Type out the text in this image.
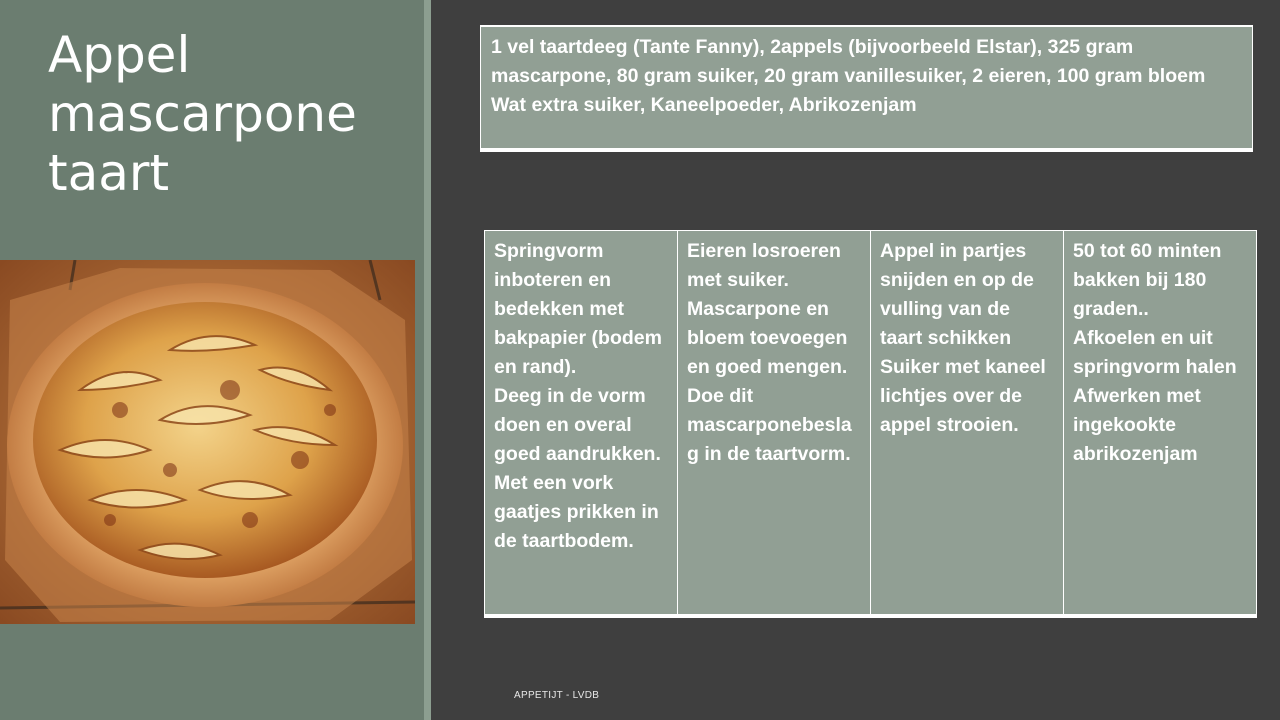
Appel
mascarpone
taart
1 vel taartdeeg (Tante Fanny), 2appels (bijvoorbeeld Elstar), 325 gram mascarpone, 80 gram suiker, 20 gram vanillesuiker, 2 eieren, 100 gram bloem
Wat extra suiker, Kaneelpoeder, Abrikozenjam
Springvorm inboteren en bedekken met bakpapier (bodem en rand).
Deeg in de vorm doen en overal goed aandrukken.
Met een vork gaatjes prikken in de taartbodem.

Eieren losroeren met suiker.
Mascarpone en bloem toevoegen en goed mengen.
Doe dit mascarponebeslag in de taartvorm.

Appel in partjes snijden en op de vulling van de taart schikken
Suiker met kaneel lichtjes over de appel strooien.

50 tot 60 minten bakken bij 180 graden..
Afkoelen en uit springvorm halen
Afwerken met ingekookte abrikozenjam
APPETIJT - LVDB
